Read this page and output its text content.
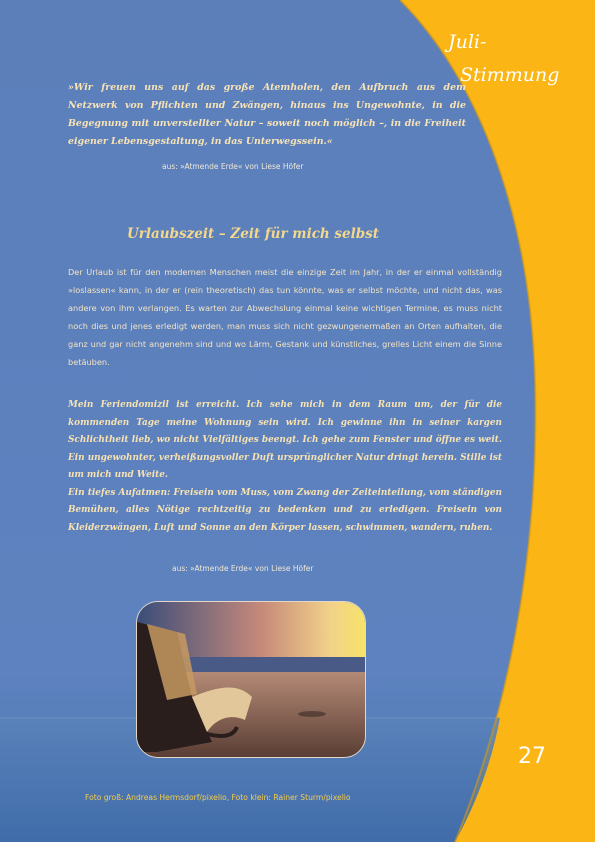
Juli-
Stimmung
»Wir freuen uns auf das große Atemholen, den Aufbruch aus dem Netzwerk von Pflichten und Zwängen, hinaus ins Ungewohnte, in die Begegnung mit unverstellter Natur – soweit noch möglich –, in die Freiheit eigener Lebensgestaltung, in das Unterwegssein.«
aus: »Atmende Erde« von Liese Höfer
Urlaubszeit – Zeit für mich selbst
Der Urlaub ist für den modernen Menschen meist die einzige Zeit im Jahr, in der er einmal vollständig »loslassen« kann, in der er (rein theoretisch) das tun könnte, was er selbst möchte, und nicht das, was andere von ihm verlangen. Es warten zur Abwechslung einmal keine wichtigen Termine, es muss nicht noch dies und jenes erledigt werden, man muss sich nicht gezwungenermaßen an Orten aufhalten, die ganz und gar nicht angenehm sind und wo Lärm, Gestank und künstliches, grelles Licht einem die Sinne betäuben.
Mein Feriendomizil ist erreicht. Ich sehe mich in dem Raum um, der für die kommenden Tage meine Wohnung sein wird. Ich gewinne ihn in seiner kargen Schlichtheit lieb, wo nicht Vielfältiges beengt. Ich gehe zum Fenster und öffne es weit. Ein ungewohnter, verheißungsvoller Duft ursprünglicher Natur dringt herein. Stille ist um mich und Weite.
Ein tiefes Aufatmen: Freisein vom Muss, vom Zwang der Zeiteinteilung, vom ständigen Bemühen, alles Nötige rechtzeitig zu bedenken und zu erledigen. Freisein von Kleiderzwängen, Luft und Sonne an den Körper lassen, schwimmen, wandern, ruhen.
aus: »Atmende Erde« von Liese Höfer
27
Foto groß: Andreas Hermsdorf/pixelio, Foto klein: Rainer Sturm/pixelio
